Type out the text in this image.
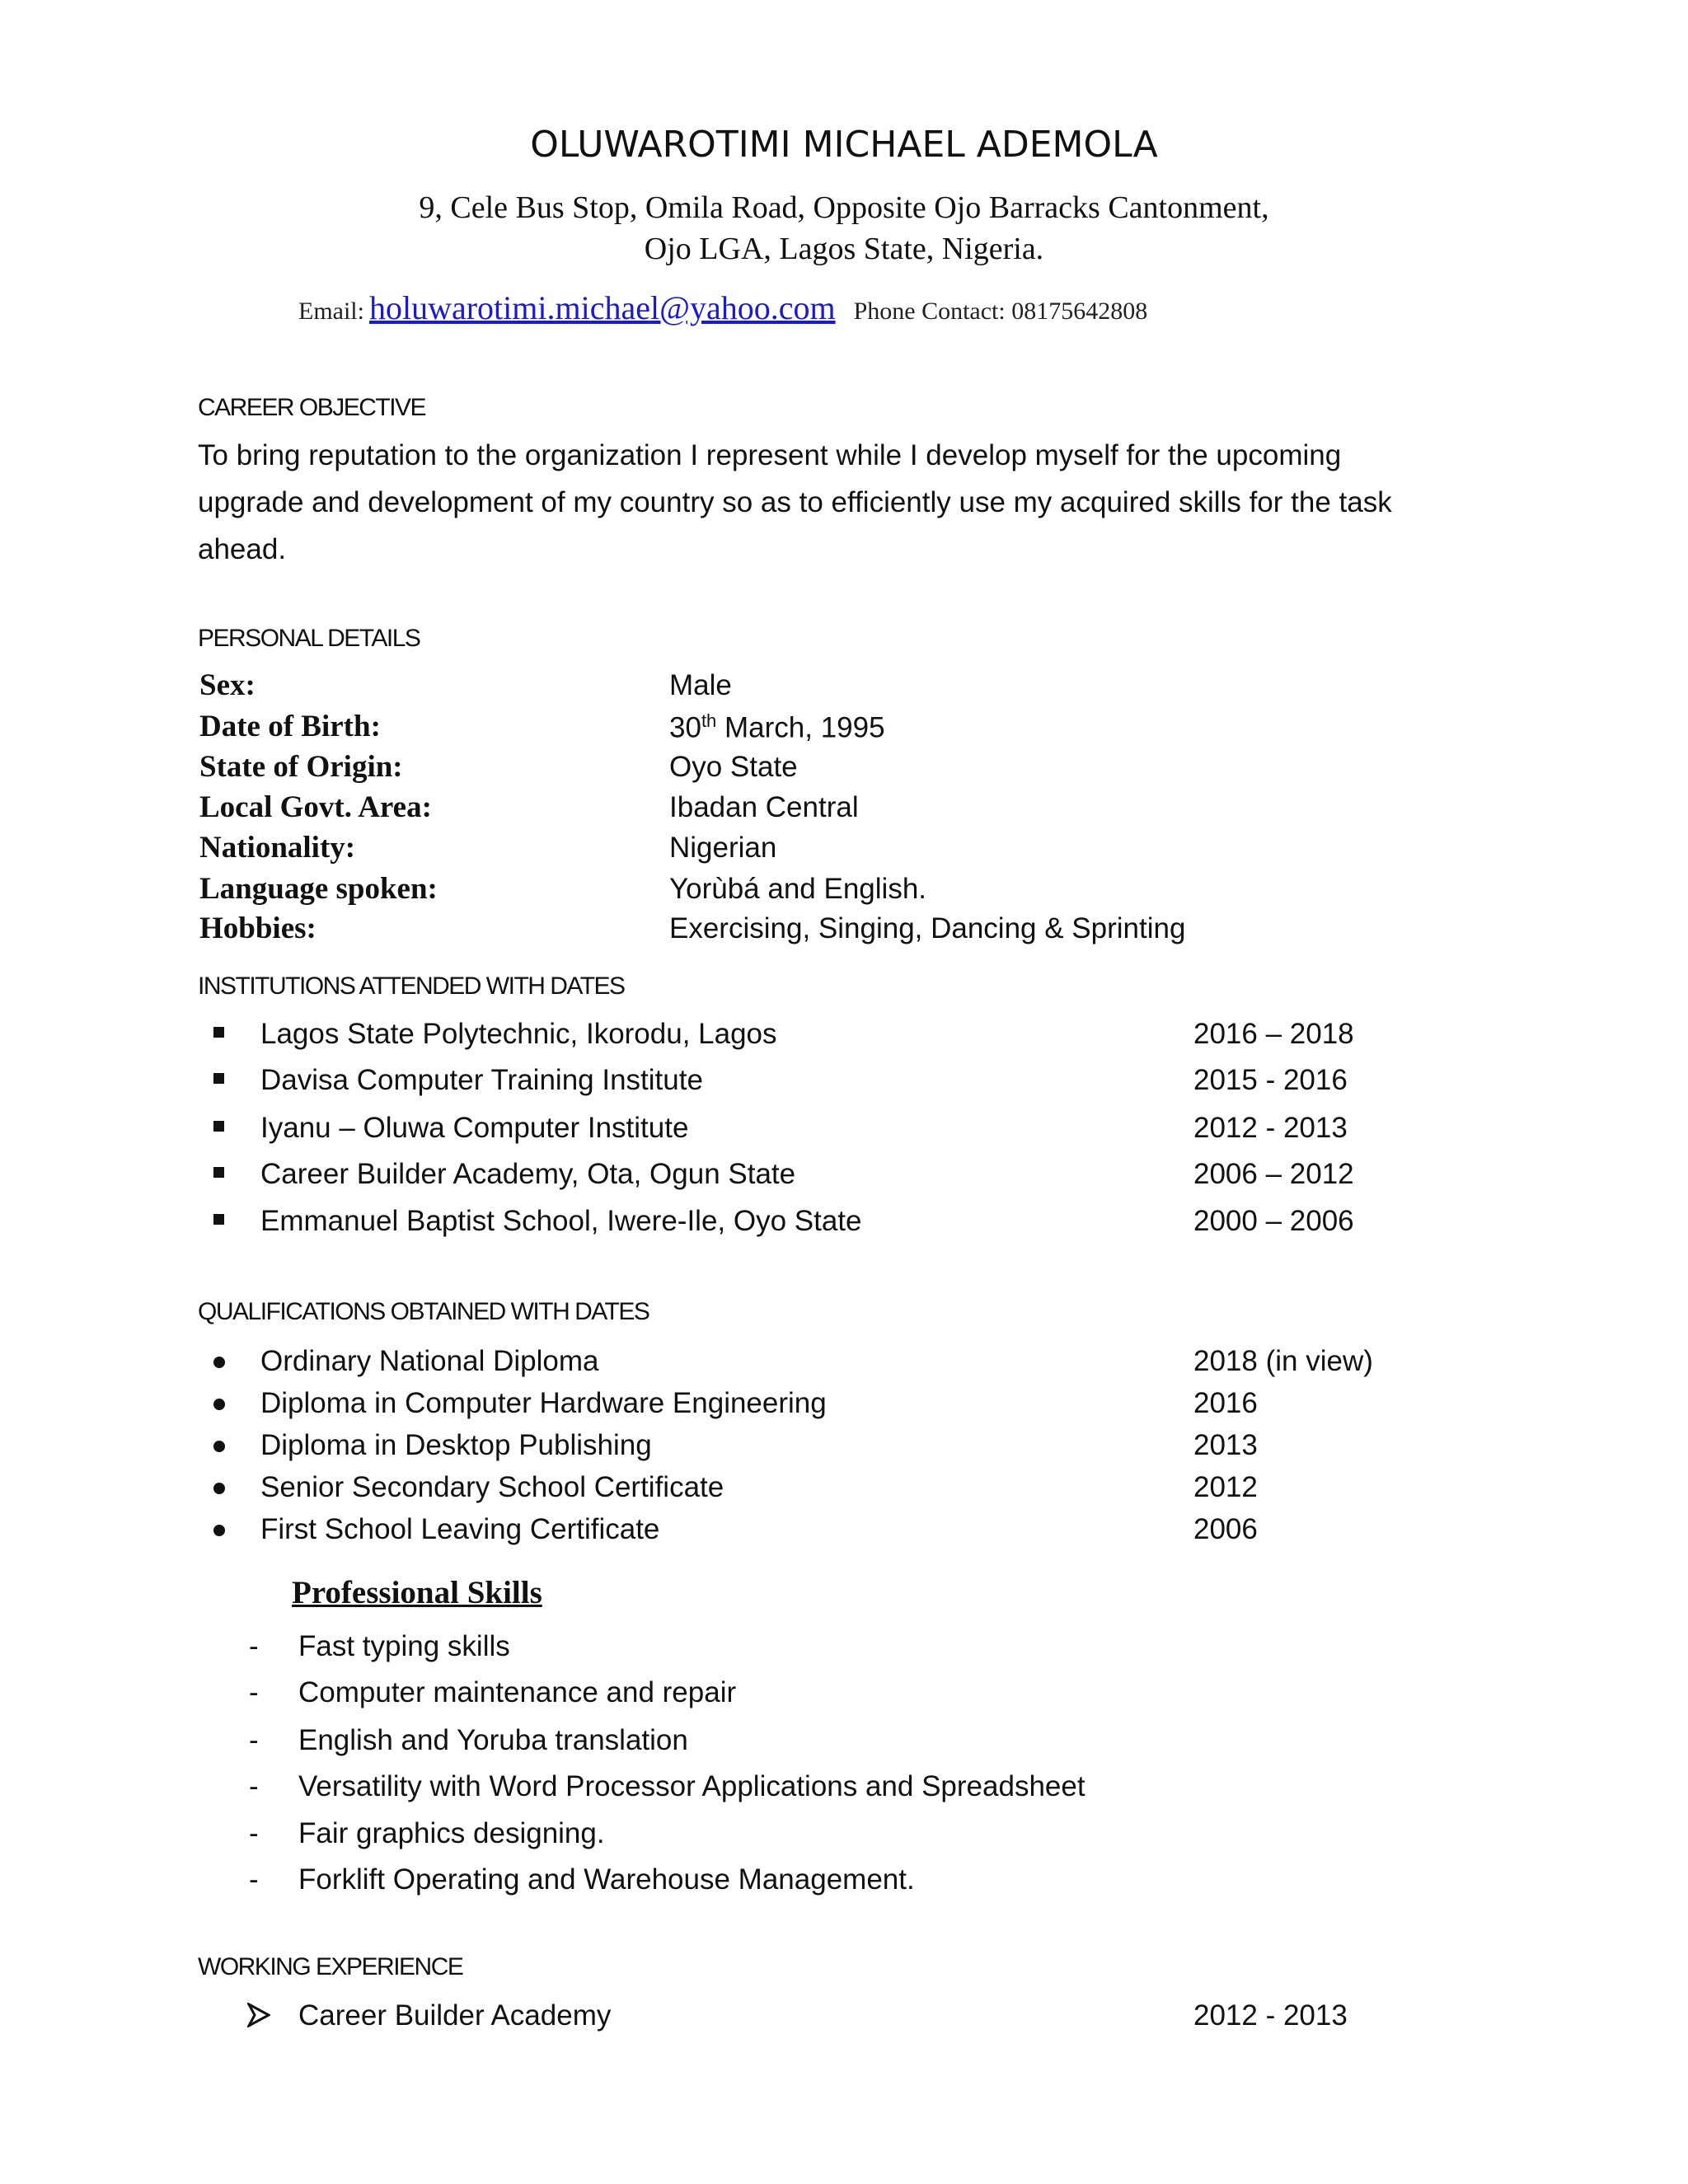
OLUWAROTIMI MICHAEL ADEMOLA
9, Cele Bus Stop, Omila Road, Opposite Ojo Barracks Cantonment,
Ojo LGA, Lagos State, Nigeria.
Email: holuwarotimi.michael@yahoo.com Phone Contact: 08175642808
CAREER OBJECTIVE
To bring reputation to the organization I represent while I develop myself for the upcoming
upgrade and development of my country so as to efficiently use my acquired skills for the task
ahead.
PERSONAL DETAILS
Sex:	Male
Date of Birth:	30th March, 1995
State of Origin:	Oyo State
Local Govt. Area:	Ibadan Central
Nationality:	Nigerian
Language spoken:	Yorùbá and English.
Hobbies:	Exercising, Singing, Dancing & Sprinting
INSTITUTIONS ATTENDED WITH DATES
Lagos State Polytechnic, Ikorodu, Lagos	2016 – 2018
Davisa Computer Training Institute	2015 - 2016
Iyanu – Oluwa Computer Institute	2012 - 2013
Career Builder Academy, Ota, Ogun State	2006 – 2012
Emmanuel Baptist School, Iwere-Ile, Oyo State	2000 – 2006
QUALIFICATIONS OBTAINED WITH DATES
Ordinary National Diploma	2018 (in view)
Diploma in Computer Hardware Engineering	2016
Diploma in Desktop Publishing	2013
Senior Secondary School Certificate	2012
First School Leaving Certificate	2006
Professional Skills
- Fast typing skills
- Computer maintenance and repair
- English and Yoruba translation
- Versatility with Word Processor Applications and Spreadsheet
- Fair graphics designing.
- Forklift Operating and Warehouse Management.
WORKING EXPERIENCE
Career Builder Academy	2012 - 2013
